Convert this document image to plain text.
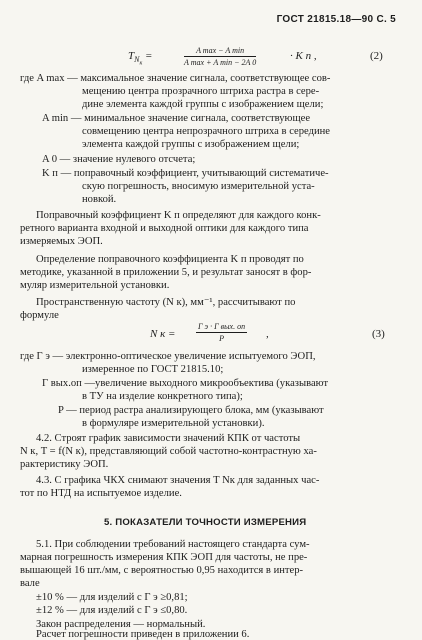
ГОСТ 21815.18—90 С. 5
$T_{N_к}$ =	A max − A min
A max + A min − 2A 0
· K п ,	(2)
где A max — максимальное значение сигнала, соответствующее сов-
мещению центра прозрачного штриха растра в сере-
дине элемента каждой группы с изображением щели;
A min — минимальное значение сигнала, соответствующее
совмещению центра непрозрачного штриха в середине
элемента каждой группы с изображением щели;
A 0 — значение нулевого отсчета;
K п — поправочный коэффициент, учитывающий систематиче-
скую погрешность, вносимую измерительной уста-
новкой.
Поправочный коэффициент K п определяют для каждого конк-
ретного варианта входной и выходной оптики для каждого типа
измеряемых ЭОП.
Определение поправочного коэффициента K п проводят по
методике, указанной в приложении 5, и результат заносят в фор-
муляр измерительной установки.
Пространственную частоту (N к), мм⁻¹, рассчитывают по
формуле
N к =
Γ э · Γ вых. оп
P	,	(3)
где Γ э — электронно-оптическое увеличение испытуемого ЭОП,
измеренное по ГОСТ 21815.10;
Γ вых.оп —увеличение выходного микрообъектива (указывают
в ТУ на изделие конкретного типа);
P — период растра анализирующего блока, мм (указывают
в формуляре измерительной установки).
4.2. Строят график зависимости значений КПК от частоты
N к, T = f(N к), представляющий собой частотно-контрастную ха-
рактеристику ЭОП.
4.3. С графика ЧКХ снимают значения T Nк для заданных час-
тот по НТД на испытуемое изделие.
5. ПОКАЗАТЕЛИ ТОЧНОСТИ ИЗМЕРЕНИЯ
5.1. При соблюдении требований настоящего стандарта сум-
марная погрешность измерения КПК ЭОП для частоты, не пре-
вышающей 16 шт./мм, с вероятностью 0,95 находится в интер-
вале
±10 % — для изделий с Γ э ≥0,81;
±12 % — для изделий с Γ э ≤0,80.
Закон распределения — нормальный.
Расчет погрешности приведен в приложении 6.
